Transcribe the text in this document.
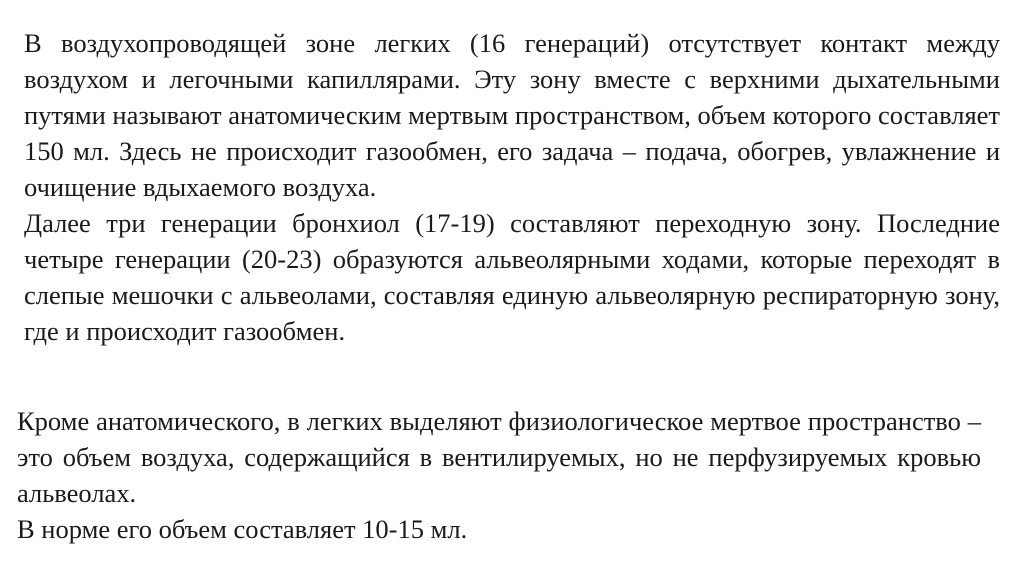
В воздухопроводящей зоне легких (16 генераций) отсутствует контакт между воздухом и легочными капиллярами. Эту зону вместе с верхними дыхательными путями называют анатомическим мертвым пространством, объем которого составляет 150 мл. Здесь не происходит газообмен, его задача – подача, обогрев, увлажнение и очищение вдыхаемого воздуха.

Далее три генерации бронхиол (17-19) составляют переходную зону. Последние четыре генерации (20-23) образуются альвеолярными ходами, которые переходят в слепые мешочки с альвеолами, составляя единую альвеолярную респираторную зону, где и происходит газообмен.

Кроме анатомического, в легких выделяют физиологическое мертвое пространство – это объем воздуха, содержащийся в вентилируемых, но не перфузируемых кровью альвеолах.

В норме его объем составляет 10-15 мл.
